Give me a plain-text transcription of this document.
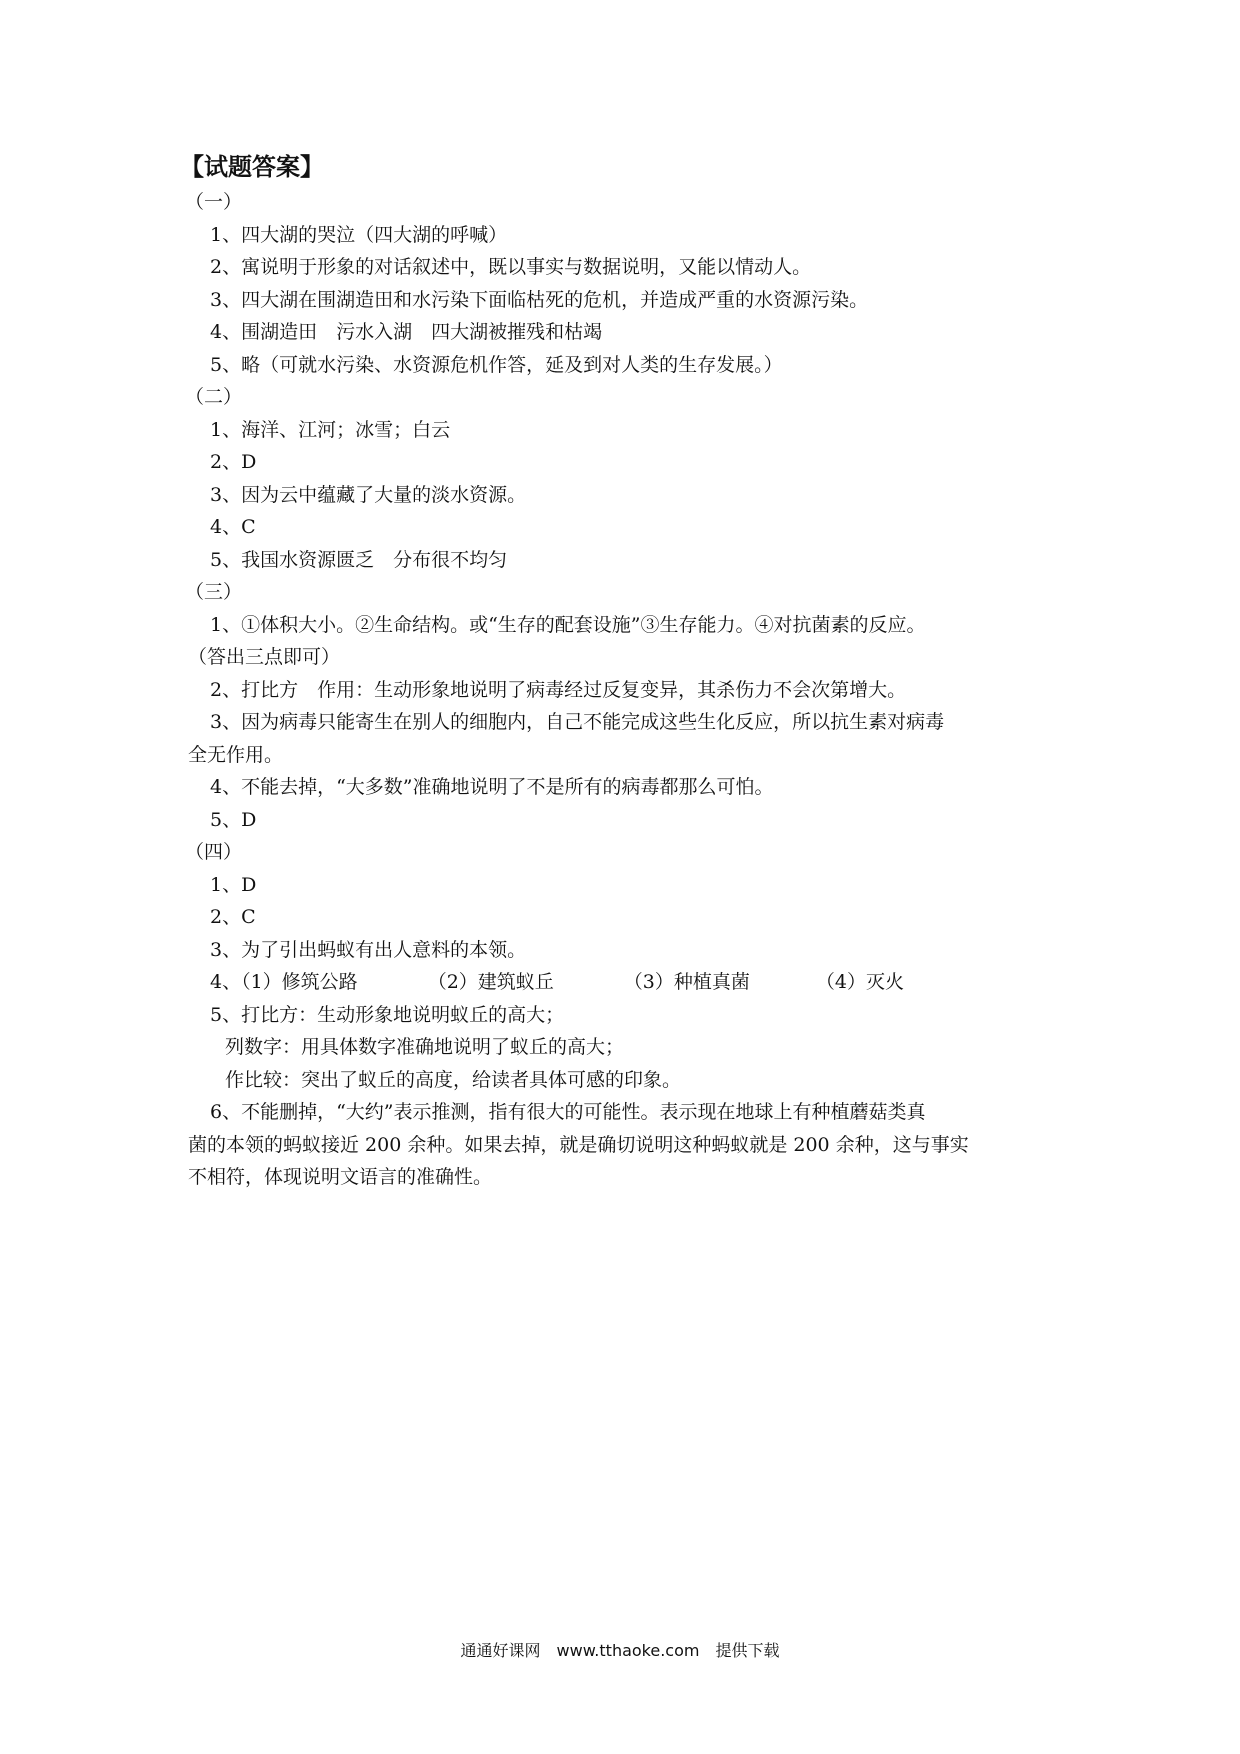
【试题答案】
（一）
1、四大湖的哭泣（四大湖的呼喊）
2、寓说明于形象的对话叙述中，既以事实与数据说明，又能以情动人。
3、四大湖在围湖造田和水污染下面临枯死的危机，并造成严重的水资源污染。
4、围湖造田　污水入湖　四大湖被摧残和枯竭
5、略（可就水污染、水资源危机作答，延及到对人类的生存发展。）
（二）
1、海洋、江河；冰雪；白云
2、D
3、因为云中蕴藏了大量的淡水资源。
4、C
5、我国水资源匮乏　分布很不均匀
（三）
1、①体积大小。②生命结构。或“生存的配套设施”③生存能力。④对抗菌素的反应。
（答出三点即可）
2、打比方　作用：生动形象地说明了病毒经过反复变异，其杀伤力不会次第增大。
3、因为病毒只能寄生在别人的细胞内，自己不能完成这些生化反应，所以抗生素对病毒
全无作用。
4、不能去掉，“大多数”准确地说明了不是所有的病毒都那么可怕。
5、D
（四）
1、D
2、C
3、为了引出蚂蚁有出人意料的本领。
4、（1）修筑公路	（2）建筑蚁丘	（3）种植真菌	（4）灭火
5、打比方：生动形象地说明蚁丘的高大；
列数字：用具体数字准确地说明了蚁丘的高大；
作比较：突出了蚁丘的高度，给读者具体可感的印象。
6、不能删掉，“大约”表示推测，指有很大的可能性。表示现在地球上有种植蘑菇类真
菌的本领的蚂蚁接近 200 余种。如果去掉，就是确切说明这种蚂蚁就是 200 余种，这与事实
不相符，体现说明文语言的准确性。
通通好课网　www.tthaoke.com　提供下载
